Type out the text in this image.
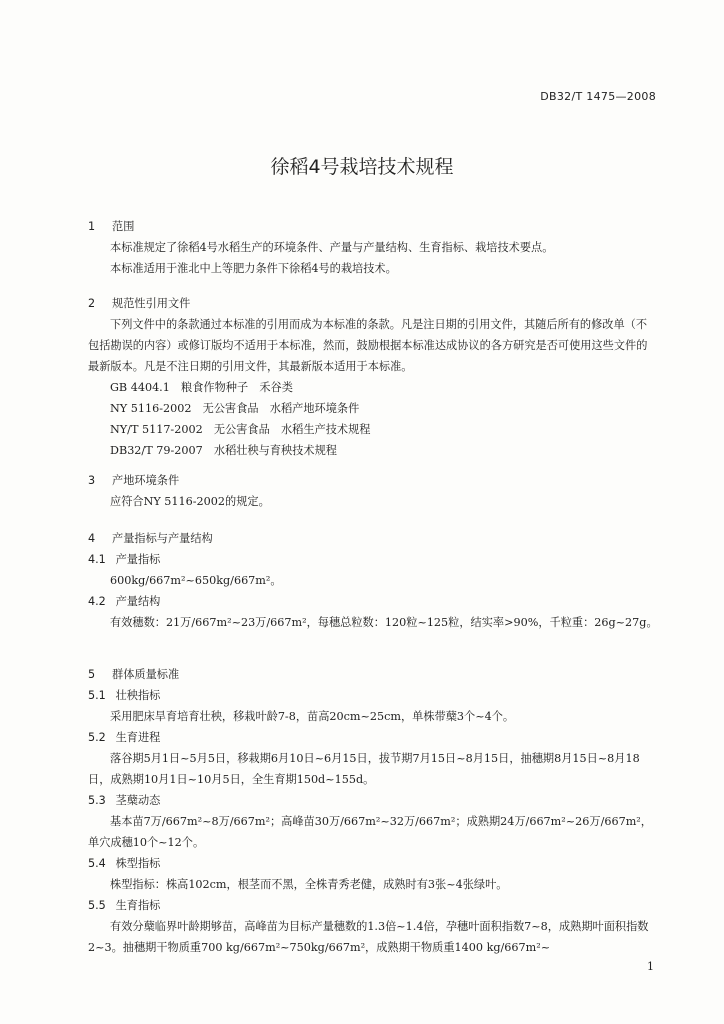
DB32/T 1475—2008
徐稻4号栽培技术规程
1 范围
本标准规定了徐稻4号水稻生产的环境条件、产量与产量结构、生育指标、栽培技术要点。
本标准适用于淮北中上等肥力条件下徐稻4号的栽培技术。
2 规范性引用文件
下列文件中的条款通过本标准的引用而成为本标准的条款。凡是注日期的引用文件，其随后所有的修改单（不包括勘误的内容）或修订版均不适用于本标准，然而，鼓励根据本标准达成协议的各方研究是否可使用这些文件的最新版本。凡是不注日期的引用文件，其最新版本适用于本标准。
GB 4404.1　粮食作物种子　禾谷类
NY 5116-2002　无公害食品　水稻产地环境条件
NY/T 5117-2002　无公害食品　水稻生产技术规程
DB32/T 79-2007　水稻壮秧与育秧技术规程
3 产地环境条件
应符合NY 5116-2002的规定。
4 产量指标与产量结构
4.1 产量指标
600kg/667m²~650kg/667m²。
4.2 产量结构
有效穗数：21万/667m²~23万/667m²，每穗总粒数：120粒~125粒，结实率>90%，千粒重：26g~27g。
5 群体质量标准
5.1 壮秧指标
采用肥床旱育培育壮秧，移栽叶龄7-8，苗高20cm~25cm，单株带蘖3个~4个。
5.2 生育进程
落谷期5月1日~5月5日，移栽期6月10日~6月15日，拔节期7月15日~8月15日，抽穗期8月15日~8月18日，成熟期10月1日~10月5日，全生育期150d~155d。
5.3 茎蘖动态
基本苗7万/667m²~8万/667m²；高峰苗30万/667m²~32万/667m²；成熟期24万/667m²~26万/667m²，单穴成穗10个~12个。
5.4 株型指标
株型指标：株高102cm，根茎而不黑，全株青秀老健，成熟时有3张~4张绿叶。
5.5 生育指标
有效分蘖临界叶龄期够苗，高峰苗为目标产量穗数的1.3倍~1.4倍，孕穗叶面积指数7~8，成熟期叶面积指数2~3。抽穗期干物质重700 kg/667m²~750kg/667m²，成熟期干物质重1400 kg/667m²~
1
